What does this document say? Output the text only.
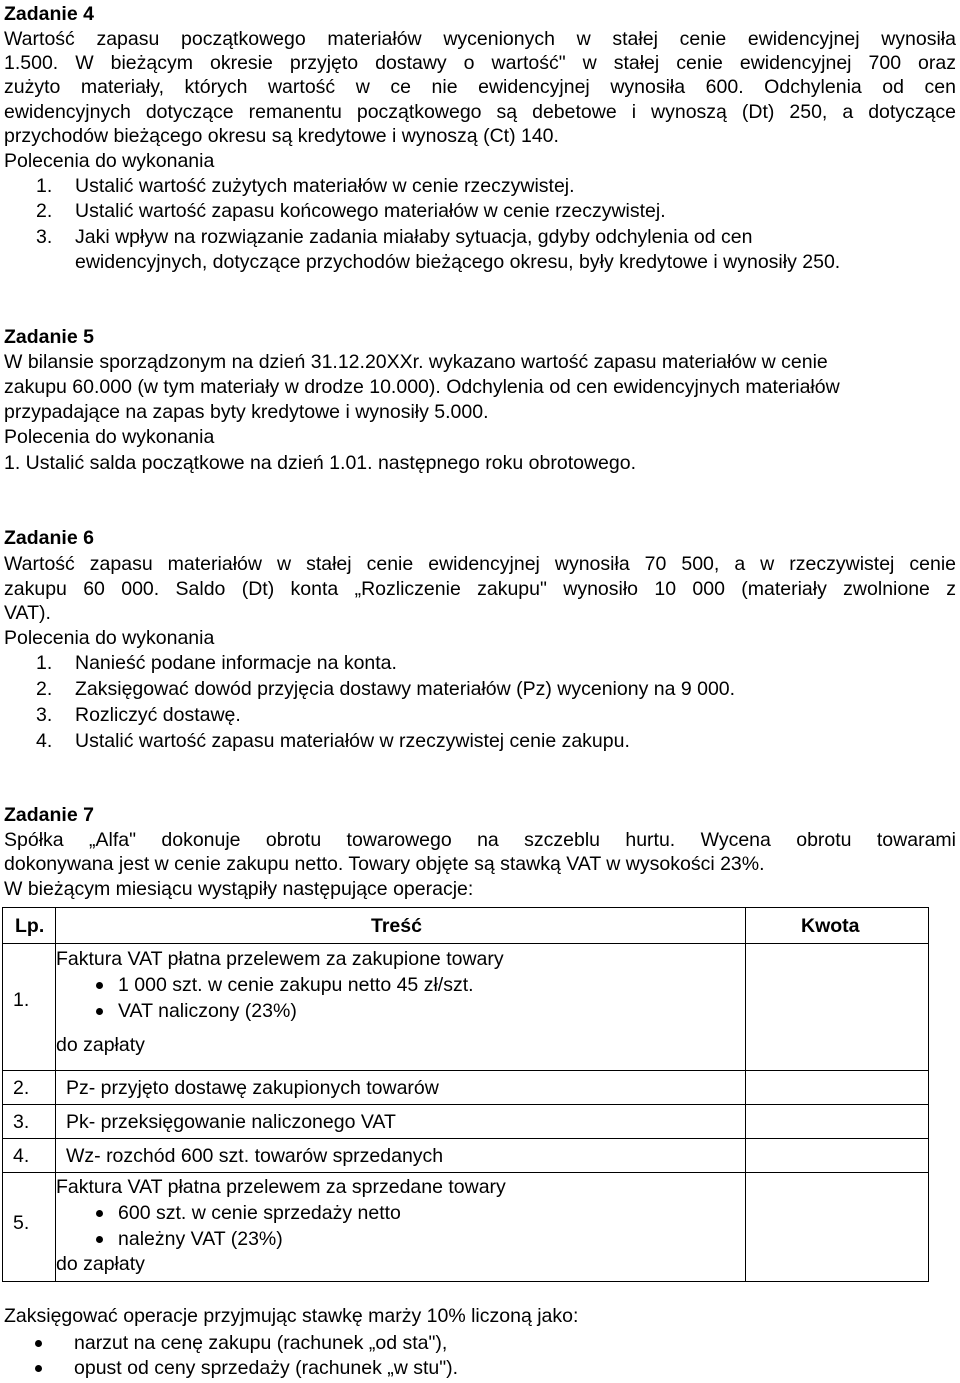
Zadanie 4
Wartość zapasu początkowego materiałów wycenionych w stałej cenie ewidencyjnej wynosiła
1.500. W bieżącym okresie przyjęto dostawy o wartość" w stałej cenie ewidencyjnej 700 oraz
zużyto materiały, których wartość w ce nie ewidencyjnej wynosiła 600. Odchylenia od cen
ewidencyjnych dotyczące remanentu początkowego są debetowe i wynoszą (Dt) 250, a dotyczące
przychodów bieżącego okresu są kredytowe i wynoszą (Ct) 140.
Polecenia do wykonania
1. Ustalić wartość zużytych materiałów w cenie rzeczywistej.
2. Ustalić wartość zapasu końcowego materiałów w cenie rzeczywistej.
3. Jaki wpływ na rozwiązanie zadania miałaby sytuacja, gdyby odchylenia od cen
ewidencyjnych, dotyczące przychodów bieżącego okresu, były kredytowe i wynosiły 250.
Zadanie 5
W bilansie sporządzonym na dzień 31.12.20XXr. wykazano wartość zapasu materiałów w cenie
zakupu 60.000 (w tym materiały w drodze 10.000). Odchylenia od cen ewidencyjnych materiałów
przypadające na zapas byty kredytowe i wynosiły 5.000.
Polecenia do wykonania
1. Ustalić salda początkowe na dzień 1.01. następnego roku obrotowego.
Zadanie 6
Wartość zapasu materiałów w stałej cenie ewidencyjnej wynosiła 70 500, a w rzeczywistej cenie
zakupu 60 000. Saldo (Dt) konta „Rozliczenie zakupu" wynosiło 10 000 (materiały zwolnione z
VAT).
Polecenia do wykonania
1. Nanieść podane informacje na konta.
2. Zaksięgować dowód przyjęcia dostawy materiałów (Pz) wyceniony na 9 000.
3. Rozliczyć dostawę.
4. Ustalić wartość zapasu materiałów w rzeczywistej cenie zakupu.
Zadanie 7
Spółka „Alfa" dokonuje obrotu towarowego na szczeblu hurtu. Wycena obrotu towarami
dokonywana jest w cenie zakupu netto. Towary objęte są stawką VAT w wysokości 23%.
W bieżącym miesiącu wystąpiły następujące operacje:
Lp.	Treść	Kwota
1.	Faktura VAT płatna przelewem za zakupione towary
1 000 szt. w cenie zakupu netto 45 zł/szt.
VAT naliczony (23%)
do zapłaty	

2.	Pz- przyjęto dostawę zakupionych towarów	
3.	Pk- przeksięgowanie naliczonego VAT	
4.	Wz- rozchód 600 szt. towarów sprzedanych	
5.	Faktura VAT płatna przelewem za sprzedane towary
600 szt. w cenie sprzedaży netto
należny VAT (23%)
do zapłaty	

Zaksięgować operacje przyjmując stawkę marży 10% liczoną jako:
narzut na cenę zakupu (rachunek „od sta"),
opust od ceny sprzedaży (rachunek „w stu").
